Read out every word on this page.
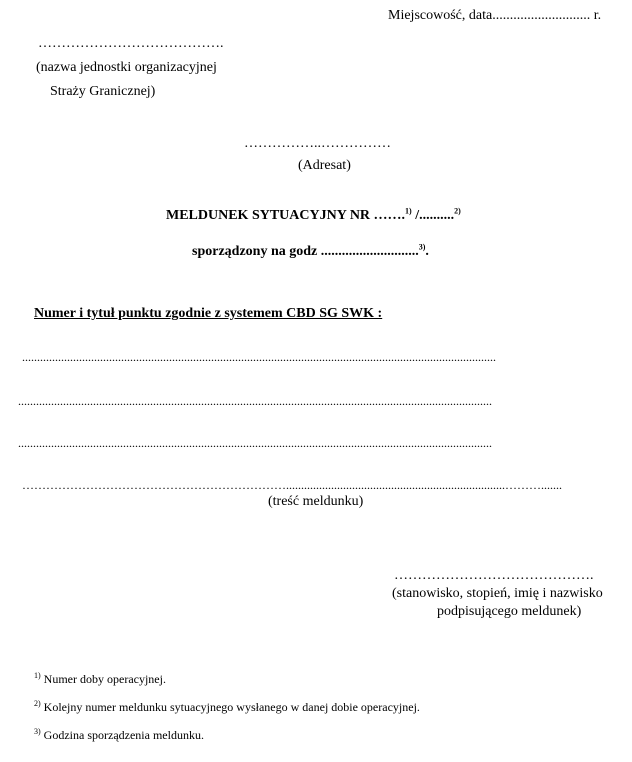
Miejscowość, data............................ r.
………………………………….
(nazwa jednostki organizacyjnej
Straży Granicznej)
……………..……………
(Adresat)
MELDUNEK SYTUACYJNY NR …….$^{1)}$ /..........$^{2)}$
sporządzony na godz ............................$^{3)}$.
Numer i tytuł punktu zgodnie z systemem CBD SG SWK :
..............................................................................................................................................................
..............................................................................................................................................................
..............................................................................................................................................................
………………………………………………………….........................................................................……….......
(treść meldunku)
…………………………………….
(stanowisko, stopień, imię i nazwisko
podpisującego meldunek)
$^{1)}$ Numer doby operacyjnej.
$^{2)}$ Kolejny numer meldunku sytuacyjnego wysłanego w danej dobie operacyjnej.
$^{3)}$ Godzina sporządzenia meldunku.
